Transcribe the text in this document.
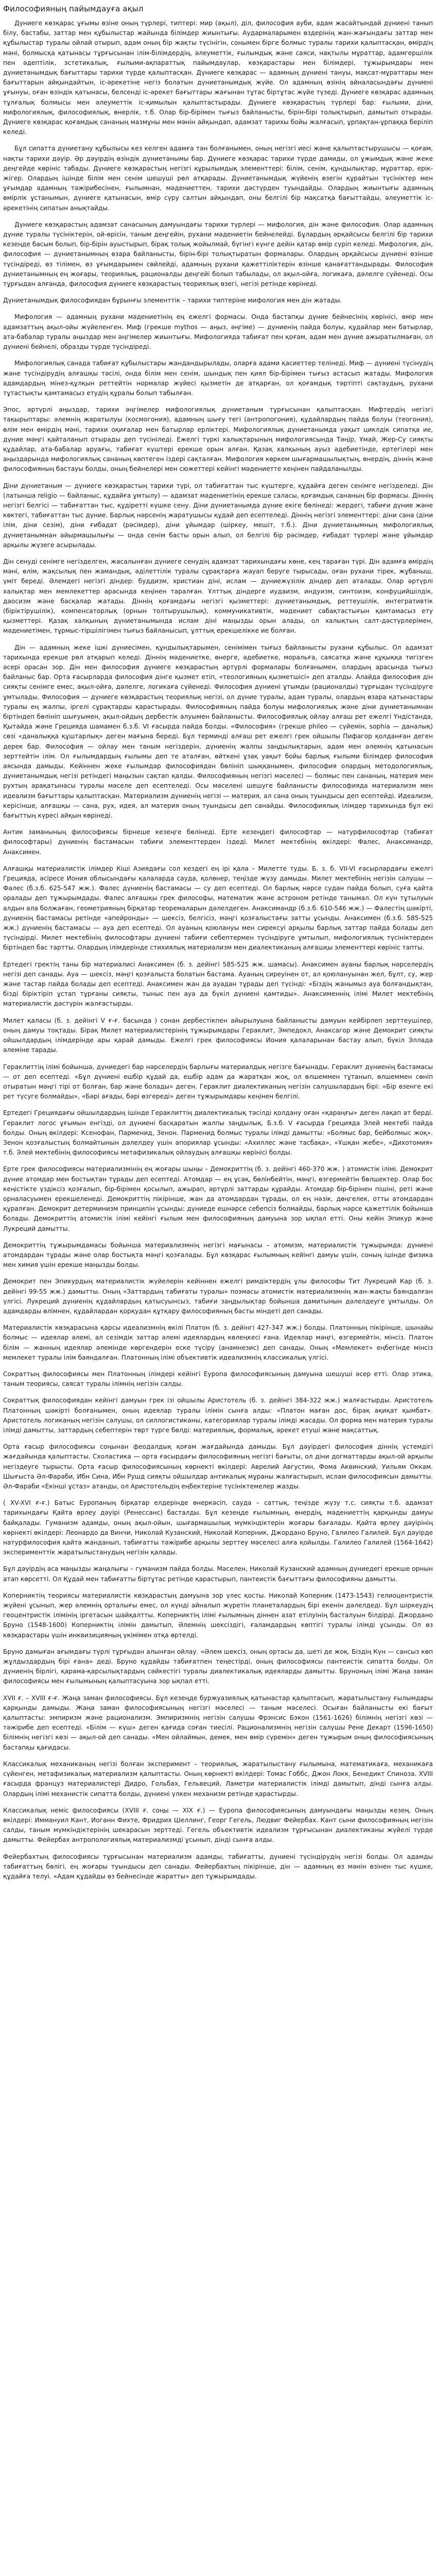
Философияның пайымдауға ақыл

Дүниеге көзқарас ұғымы өзіне оның түрлері, типтері: мир (ақыл), діл, философия ауби, адам жасайтындай дүниені танып білу, бастабы, заттар мен құбылыстар жайында білімдер жиынтығы. Аудармаларымен өздерінің жан-жағындағы заттар мен құбылыстар туралы ойлай отырып, адам оның бір жақты түсінігін, сонымен бірге болмыс туралы тарихи қалыптасқан, өмірдің мәні, болмысқа қатынасы тұрғысынан ілім-білімдердің, әлеуметтік, ғылымдық және саяси, нақтылы мұраттар, адамгершілік пен әдептілік, эстетикалық, ғылыми-ақпараттық пайымдаулар, көзқарастары мен білімдері, тұжырымдары мен дүниетанымдық бағыттары тарихи түрде қалыптасқан. Дүниеге көзқарас — адамның дүниені тануы, мақсат-мұраттары мен бағыттарын айқындайтын, іс-әрекетіне негіз болатын дүниетанымдық жүйе. Ол адамның өзінің айналасындағы дүниені ұғынуы, оған өзіндік қатынасы, белсенді іс-әрекет бағыттары жағынан тұтас біртұтас жүйе түзеді. Дүниеге көзқарас адамның тұлғалық болмысы мен әлеуметтік іс-қимылын қалыптастырады. Дүниеге көзқарастың түрлері бар: ғылыми, діни, мифологиялық, философиялық, өнерлік, т.б. Олар бір-бірімен тығыз байланысты, бірін-бірі толықтырып, дамытып отырады. Дүниеге көзқарас қоғамдық сананың мазмұны мен мәнін айқындап, адамзат тарихы бойы жалғасып, ұрпақтан-ұрпаққа беріліп келеді.

Бұл сипатта дүниетану құбылысы кез келген адамға тән болғанымен, оның негізгі иесі және қалыптастырушысы — қоғам, нақты тарихи дәуір. Әр дәуірдің өзіндік дүниетанымы бар. Дүниеге көзқарас тарихи түрде дамиды, ол ұжымдық және жеке деңгейде көрініс табады. Дүниеге көзқарастың негізгі құрылымдық элементтері: білім, сенім, құндылықтар, мұраттар, ерік-жігер. Олардың ішінде білім мен сенім шешуші рөл атқарады. Дүниетанымдық жүйенің өзегін құрайтын түсініктер мен ұғымдар адамның тәжірибесінен, ғылымнан, мәдениеттен, тарихи дәстүрден туындайды. Олардың жиынтығы адамның өмірлік ұстанымын, дүниеге қатынасын, өмір сүру салтын айқындап, оны белгілі бір мақсатқа бағыттайды, әлеуметтік іс-әрекетінің сипатын анықтайды.

Дүниеге көзқарастың адамзат санасының дамуындағы тарихи түрлері — мифология, дін және философия. Олар адамның дүние туралы түсініктерін, ой-өрісін, таным деңгейін, рухани мәдениетін бейнелейді. Бұлардың әрқайсысы белгілі бір тарихи кезеңде басым болып, бір-бірін ауыстырып, бірақ толық жойылмай, бүгінгі күнге дейін қатар өмір сүріп келеді. Мифология, дін, философия — дүниетанымның өзара байланысты, бірін-бірі толықтыратын формалары. Олардың әрқайсысы дүниені өзінше түсіндіреді, өз тілімен, өз ұғымдарымен сөйлейді, адамның рухани қажеттіліктерін өзінше қанағаттандырады. Философия дүниетанымның ең жоғары, теориялық, рационалды деңгейі болып табылады, ол ақыл-ойға, логикаға, дәлелге сүйенеді. Осы тұрғыдан алғанда, философия дүниеге көзқарастың теориялық өзегі, негізі ретінде көрінеді.

Дүниетанымдық философиядан бұрынғы элементтік – тарихи типтеріне мифология мен дін жатады.

Мифология — адамның рухани мәдениетінің ең ежелгі формасы. Онда бастапқы дүние бейнесінің көрінісі, өмір мен адамзаттың ақыл-ойы жүйеленген. Миф (грекше mythos — аңыз, әңгіме) — дүниенің пайда болуы, құдайлар мен батырлар, ата-бабалар туралы аңыздар мен әңгімелер жиынтығы. Мифологияда табиғат пен қоғам, адам мен дүние ажыратылмаған, ол дүниені бейнелі, образды түрде түсіндіреді.

Мифологиялық санада табиғат құбылыстары жандандырылады, оларға адами қасиеттер телінеді. Миф — дүниені түсінудің және түсіндірудің алғашқы тәсілі, онда білім мен сенім, шындық пен қиял бір-бірімен тығыз астасып жатады. Мифология адамдардың мінез-құлқын реттейтін нормалар жүйесі қызметін де атқарған, ол қоғамдық тәртіпті сақтаудың, рухани тұтастықты қамтамасыз етудің құралы болып табылған.

Эпос, әртүрлі аңыздар, тарихи әңгімелер мифологиялық дүниетаным тұрғысынан қалыптасқан. Мифтердің негізгі тақырыптары: әлемнің жаратылуы (космогония), адамның шығу тегі (антропогония), құдайлардың пайда болуы (теогония), өлім мен өмірдің мәні, тарихи оқиғалар мен батырлар ерліктері. Мифологиялық дүниетанымда уақыт циклдік сипатқа ие, дүние мәңгі қайталанып отырады деп түсініледі. Ежелгі түркі халықтарының мифологиясында Тәңір, Ұмай, Жер-Су сияқты құдайлар, ата-бабалар аруағы, табиғат күштері ерекше орын алған. Қазақ халқының ауыз әдебиетінде, ертегілері мен аңыздарында мифологиялық сананың көптеген іздері сақталған. Мифология көркем шығармашылықтың, өнердің, діннің және философияның бастауы болды, оның бейнелері мен сюжеттері кейінгі мәдениетте кеңінен пайдаланылды.

Діни дүниетаным — дүниеге көзқарастың тарихи түрі, ол табиғаттан тыс күштерге, құдайға деген сенімге негізделеді. Дін (латынша religio — байланыс, құдайға ұмтылу) — адамзат мәдениетінің ерекше саласы, қоғамдық сананың бір формасы. Діннің негізгі белгісі — табиғаттан тыс, құдіретті күшке сену. Діни дүниетанымда дүние екіге бөлінеді: жердегі, табиғи дүние және көктегі, табиғаттан тыс дүние. Барлық нәрсенің жаратушысы құдай деп есептеледі. Діннің негізгі элементтері: діни сана (діни ілім, діни сезім), діни ғибадат (рәсімдер), діни ұйымдар (шіркеу, мешіт, т.б.). Діни дүниетанымның мифологиялық дүниетанымнан айырмашылығы — онда сенім басты орын алып, ол белгілі бір рәсімдер, ғибадат түрлері және ұйымдар арқылы жүзеге асырылады.

Дін сенуді сенімге негізделген, жасалынған дүниеге сенудің адамзат тарихындағы көне, кең тараған түрі. Дін адамға өмірдің мәні, өлім, жақсылық пен жамандық, әділеттілік туралы сұрақтарға жауап беруге тырысады, оған рухани тірек, жұбаныш, үміт береді. Әлемдегі негізгі діндер: буддизм, христиан діні, ислам — дүниежүзілік діндер деп аталады. Олар әртүрлі халықтар мен мемлекеттер арасында кеңінен таралған. Ұлттық діндерге иудаизм, индуизм, синтоизм, конфуцийшілдік, даосизм және басқалар жатады. Діннің қоғамдағы негізгі қызметтері: дүниетанымдық, реттеушілік, интегративтік (біріктірушілік), компенсаторлық (орнын толтырушылық), коммуникативтік, мәдениет сабақтастығын қамтамасыз ету қызметтері. Қазақ халқының дүниетанымында ислам діні маңызды орын алады, ол халықтың салт-дәстүрлерімен, мәдениетімен, тұрмыс-тіршілігімен тығыз байланысып, ұлттық ерекшелікке ие болған.

Дін — адамның жеке ішкі дүниесімен, құндылықтарымен, сенімімен тығыз байланысты рухани құбылыс. Ол адамзат тарихында ерекше рөл атқарып келеді. Діннің мәдениетке, өнерге, әдебиетке, моральға, саясатқа және құқыққа тигізген әсері орасан зор. Дін мен философия дүниеге көзқарастың әртүрлі формалары болғанымен, олардың арасында тығыз байланыс бар. Орта ғасырларда философия дінге қызмет етіп, «теологияның қызметшісі» деп аталды. Алайда философия дін сияқты сенімге емес, ақыл-ойға, дәлелге, логикаға сүйенеді. Философия дүниені ұтымды (рационалды) тұрғыдан түсіндіруге ұмтылады. Философия — дүниеге көзқарастың теориялық негізі, ол дүние туралы, адам туралы, олардың өзара қатынастары туралы ең жалпы, іргелі сұрақтарды қарастырады. Философияның пайда болуы мифологиялық және діни дүниетанымнан біртіндеп бөлініп шығуымен, ақыл-ойдың дербестік алуымен байланысты. Философиялық ойлау алғаш рет ежелгі Үндістанда, Қытайда және Грецияда шамамен б.з.б. VI ғасырда пайда болды. «Философия» (грекше phileo — сүйемін, sophia — даналық) сөзі «даналыққа құштарлық» деген мағына береді. Бұл терминді алғаш рет ежелгі грек ойшылы Пифагор қолданған деген дерек бар. Философия — ойлау мен таным негіздерін, дүниенің жалпы заңдылықтарын, адам мен әлемнің қатынасын зерттейтін ілім. Ол ғылымдардың ғылымы деп те аталған, өйткені ұзақ уақыт бойы барлық ғылыми білімдер философия аясында дамыды. Кейіннен жеке ғылымдар философиядан бөлініп шыққанымен, философия олардың методологиялық, дүниетанымдық негізі ретіндегі маңызын сақтап қалды. Философияның негізгі мәселесі — болмыс пен сананың, материя мен рухтың арақатынасы туралы мәселе деп есептеледі. Осы мәселені шешуге байланысты философияда материализм мен идеализм бағыттары қалыптасқан. Материализм дүниенің негізі — материя, ал сана оның туындысы деп есептейді. Идеализм, керісінше, алғашқы — сана, рух, идея, ал материя оның туындысы деп санайды. Философиялық ілімдер тарихында бұл екі бағыттың күресі айқын көрінеді.

Антик заманының философиясы бірнеше кезеңге бөлінеді. Ерте кезеңдегі философтар — натурфилософтар (табиғат философтары) дүниенің бастамасын табиғи элементтерден іздеді. Милет мектебінің өкілдері: Фалес, Анаксимандр, Анаксимен.

Алғашқы материалистік ілімдер Кіші Азиядағы сол кездегі ең ірі қала – Милетте туды. Б. з. б. VII-VI ғасырлардағы ежелгі Грецияда, әсіресе Иония облысындағы қалаларда сауда, қолөнер, теңізде жүзу дамыды. Милет мектебінің негізін салушы — Фалес (б.з.б. 625-547 жж.). Фалес дүниенің бастамасы — су деп есептеді. Ол барлық нәрсе судан пайда болып, суға қайта оралады деп тұжырымдады. Фалес алғашқы грек философы, математик және астроном ретінде танымал. Ол күн тұтылуын алдын ала болжаған, геометрияның бірқатар теоремаларын дәлелдеген. Анаксимандр (б.з.б. 610-546 жж.) — Фалестің шәкірті, дүниенің бастамасы ретінде «апейронды» — шексіз, белгісіз, мәңгі қозғалыстағы затты ұсынды. Анаксимен (б.з.б. 585-525 жж.) дүниенің бастамасы — ауа деп есептеді. Ол ауаның қоюлануы мен сирексуі арқылы барлық заттар пайда болады деп түсіндірді. Милет мектебінің философтары дүниені табиғи себептермен түсіндіруге ұмтылып, мифологиялық түсініктерден біртіндеп бас тартты. Олардың ілімдерінде стихиялық материализм мен диалектиканың алғашқы элементтері көрініс тапты.

Ертедегі гректің таны бір материалисі Анаксимен (б. з. дейінгі 585-525 жж. шамасы). Анаксимен ауаны барлық нәрселердің негізі деп санады. Ауа — шексіз, мәңгі қозғалыста болатын бастама. Ауаның сиреуінен от, ал қоюлануынан жел, бұлт, су, жер және тастар пайда болады деп есептеді. Анаксимен жан да ауадан тұрады деп түсінді: «Біздің жанымыз ауа болғандықтан, бізді біріктіріп ұстап тұрғаны сияқты, тыныс пен ауа да бүкіл дүниені қамтиды». Анаксименнің ілімі Милет мектебінің материалистік дәстүрін жалғастырды.

Милет қаласы (б. з. дейінгі V ғ-ғ. басында ) сонан дербестікпен айырылуына байланысты дамуын кейбірлеп зерттеушілер, оның дамуы тоқтады. Бірақ Милет материалистерінің тұжырымдары Гераклит, Эмпедокл, Анаксагор және Демокрит сияқты ойшылдардың ілімдерінде ары қарай дамыды. Ежелгі грек философиясы Иония қалаларынан бастау алып, бүкіл Эллада әлеміне тарады.

Гераклиттің ілімі бойынша, дүниедегі бар нәрселердің барлығы материалдық негізге бағынады. Гераклит дүниенің бастамасы — от деп есептеді. «Бұл дүниені ешбір құдай да, ешбір адам да жаратқан жоқ, ол өлшеммен тұтанып, өлшеммен сөніп отыратын мәңгі тірі от болған, бар және болады» деген. Гераклит диалектиканың негізін салушылардың бірі: «Бір өзенге екі рет түсуге болмайды», «Бәрі ағады, бәрі өзгереді» деген тұжырымдары кеңінен белгілі.

Ертедегі Грециядағы ойшылдардың ішінде Гераклиттің диалектикалық тәсілді қолдану оған «қараңғы» деген лақап ат берді. Гераклит логос ұғымын енгізді, ол дүниені басқаратын жалпы заңдылық. Б.з.б. V ғасырда Грецияда Элей мектебі пайда болды. Оның өкілдері: Ксенофан, Парменид, Зенон. Парменид болмыс туралы ілімді дамытты: «Болмыс бар, бейболмыс жоқ». Зенон қозғалыстың болмайтынын дәлелдеу үшін апориялар ұсынды: «Ахиллес және тасбақа», «Ұшқан жебе», «Дихотомия» т.б. Элей мектебінің философиясы метафизикалық ойлаудың алғашқы көрінісі болды.

Ерте грек философиясы материализмінің ең жоғары шыңы – Демокриттің (б. з. дейінгі 460-370 жж. ) атомистік ілімі. Демокрит дүние атомдар мен бостықтан тұрады деп есептеді. Атомдар — ең ұсақ, бөлінбейтін, мәңгі, өзгермейтін бөлшектер. Олар бос кеңістікте үздіксіз қозғалып, бір-бірімен қосылып, ажырап, әртүрлі заттарды құрайды. Атомдар бір-бірінен пішіні, реті және орналасуымен ерекшеленеді. Демокриттің пікірінше, жан да атомдардан тұрады, ол ең нәзік, дөңгелек, отты атомдардан құралған. Демокрит детерминизм принципін ұсынды: дүниеде ешнәрсе себепсіз болмайды, барлық нәрсе қажеттілік бойынша болады. Демокриттің атомистік ілімі кейінгі ғылым мен философияның дамуына зор ықпал етті. Оны кейін Эпикур және Лукреций дамытты.

Демокриттің тұжырымдамасы бойынша материализмнің негізгі мағынасы – атомизм, материалистік тұжырымда: дүниені атомдардан тұрады және олар бостықта мәңгі қозғалады. Бұл көзқарас ғылымның кейінгі дамуы үшін, соның ішінде физика мен химия үшін ерекше маңызды болды.

Демокрит пен Эпикурдың материалистік жүйелерін кейіннен ежелгі римдіктердің ұлы философы Тит Лукреций Кар (б. з. дейінгі 99-55 жж.) дамытты. Оның «Заттардың табиғаты туралы» поэмасы атомистік материализмнің жан-жақты баяндалған үлгісі. Лукреций дүниенің құдайлардың қатысуынсыз, табиғи заңдылықтар бойынша дамитынын дәлелдеуге ұмтылды. Ол адамдарды өлімнен, құдайлардан қорқудан құтқару философияның басты міндеті деп санады.

Материалистік көзқарасына қарсы идеализмнің өкілі Платон (б. з. дейінгі 427-347 жж.) болды. Платонның пікірінше, шынайы болмыс — идеялар әлемі, ал сезімдік заттар әлемі идеялардың көлеңкесі ғана. Идеялар мәңгі, өзгермейтін, мінсіз. Платон білім — жанның идеялар әлемінде көргендерін еске түсіру (анамнезис) деп санады. Оның «Мемлекет» еңбегінде мінсіз мемлекет туралы ілім баяндалған. Платонның ілімі объективтік идеализмнің классикалық үлгісі.

Сократтың философиясы мен Платонның ілімдері кейінгі Еуропа философиясының дамуына шешуші әсер етті. Олар этика, таным теориясы, саясат туралы ілімнің негізін салды.

Сократтық философиядан кейінгі дамуын грек ізі ойшылы Аристотель (б. з. дейінгі 384-322 жж.) жалғастырды. Аристотель Платонның шәкірті болғанымен, оның идеялар туралы ілімін сынға алды: «Платон маған дос, бірақ ақиқат қымбат». Аристотель логиканың негізін салушы, ол силлогистиканы, категориялар туралы ілімді жасады. Ол форма мен материя туралы ілімді дамытты, заттардың себептерін төрт түрге бөлді: материялық, формалық, әрекет етуші және мақсаттық.

Орта ғасыр философиясы соңынан феодалдық қоғам жағдайында дамыды. Бұл дәуірдегі философия діннің үстемдігі жағдайында қалыптасты. Схоластика — орта ғасырдағы философияның негізгі бағыты, ол діни догматтарды ақыл-ой арқылы негіздеуге тырысты. Орта ғасыр философиясының көрнекті өкілдері: Аврелий Августин, Фома Аквинский, Уильям Оккам. Шығыста Әл-Фараби, Ибн Сина, Ибн Рушд сияқты ойшылдар антикалық мұраны жалғастырып, ислам философиясын дамытты. Әл-Фараби «Екінші ұстаз» атанды, ол Аристотельдің еңбектеріне түсініктемелер жазды.

( XV-XVI ғ-ғ.) Батыс Еуропаның бірқатар елдерінде өнеркәсіп, сауда – саттық, теңізде жүзу т.с. сияқты т.б. адамзат тарихындағы Қайта өрлеу дәуірі (Ренессанс) басталды. Бұл кезеңде ғылымның, өнердің, мәдениеттің қарқынды дамуы байқалады. Гуманизм адамды, оның ақыл-ойын, шығармашылық мүмкіндіктерін жоғары бағалады. Қайта өрлеу дәуірінің көрнекті өкілдері: Леонардо да Винчи, Николай Кузанский, Николай Коперник, Джордано Бруно, Галилео Галилей. Бұл дәуірде натурфилософия қайта жанданып, табиғатты тәжірибе арқылы зерттеу мәселесі алға қойылды. Галилео Галилей (1564-1642) эксперименттік жаратылыстанудың негізін қалады.

Бұл дәуірдің аса маңызды жаңалығы – гуманизм пайда болды. Мәселен, Николай Кузанский адамның дүниедегі ерекше орнын атап көрсетті. Ол Құдай мен табиғатты біртұтас ретінде қарастырып, пантеистік бағыттағы философияны дамытты.

Коперниктің теориясы материалистік көзқарастың дамуына зор үлес қосты. Николай Коперник (1473-1543) гелиоцентристік жүйені ұсынып, жер әлемнің орталығы емес, ол күнді айналып жүретін планеталардың бірі екенін дәлелдеді. Бұл шіркеудің геоцентристік ілімінің іргетасын шайқалтты. Коперниктің ілімі ғылымның діннен азат етілуінің басталуын білдірді. Джордано Бруно (1548-1600) Коперниктің ілімін дамытып, Әлемнің шексіздігі, ғаламдардың көптігі туралы ілімді ұсынды. Ол өз көзқарастары үшін инквизицияның үкімімен отқа өртелді.

Бруно дамыған ағымдағы түрлі тұрғыдан алынған ойлау. «Әлем шексіз, оның ортасы да, шеті де жоқ. Біздің Күн — сансыз көп жұлдыздардың бірі ғана» деді. Бруно құдайды табиғатпен теңестірді, оның философиясы пантеистік сипатта болды. Ол дүниенің бірлігі, қарама-қарсылықтардың сәйкестігі туралы диалектикалық идеяларды дамытты. Бруноның ілімі Жаңа заман философиясы мен ғылымының қалыптасуына зор ықпал етті.

XVII ғ. – XVIII ғ-ғ. Жаңа заман философиясы. Бұл кезеңде буржуазиялық қатынастар қалыптасып, жаратылыстану ғылымдары қарқынды дамыды. Жаңа заман философиясының негізгі мәселесі — таным мәселесі. Осыған байланысты екі бағыт қалыптасты: эмпиризм және рационализм. Эмпиризмнің негізін салушы Фрэнсис Бэкон (1561-1626) білімнің негізгі көзі — тәжірибе деп есептеді. «Білім — күш» деген қағида соған тиесілі. Рационализмнің негізін салушы Рене Декарт (1596-1650) білімнің негізгі көзі — ақыл-ой деп санады. «Мен ойлаймын, демек, мен өмір сүремін» деген тұжырым оның философиясының бастапқы қағидасы.

Классикалық механиканың негізі болған эксперимент – теориялық, жаратылыстану ғылымына, математикаға, механикаға сүйенген, метафизикалық материализм қалыптасты. Оның көрнекті өкілдері: Томас Гоббс, Джон Локк, Бенедикт Спиноза. XVIII ғасырда француз материалистері Дидро, Гольбах, Гельвеций, Ламетри материалистік ілімді дамытып, дінді сынға алды. Олардың ілімі механистік сипатта болды, дүниені үлкен механизм ретінде қарастырды.

Классикалық неміс философиясы (XVIII ғ. соңы — XIX ғ.) — Еуропа философиясының дамуындағы маңызды кезең. Оның өкілдері: Иммануил Кант, Иоганн Фихте, Фридрих Шеллинг, Георг Гегель, Людвиг Фейербах. Кант сыни философияның негізін салды, таным мүмкіндіктерінің шекарасын зерттеді. Гегель объективтік идеализм тұрғысынан диалектиканы жүйелі түрде дамытты. Фейербах антропологиялық материализмді ұсынып, дінді сынға алды.

Фейербахтың философиясы тұрғысынан материализм адамды, табиғатты, дүниені түсіндірудің негізі болды. Ол адамды табиғаттың бөлігі, ең жоғары туындысы деп санады. Фейербахтың пікірінше, дін — адамның өз мәнін өзінен тыс күшке, құдайға телуі. «Адам құдайды өз бейнесінде жаратты» деп тұжырымдады.
